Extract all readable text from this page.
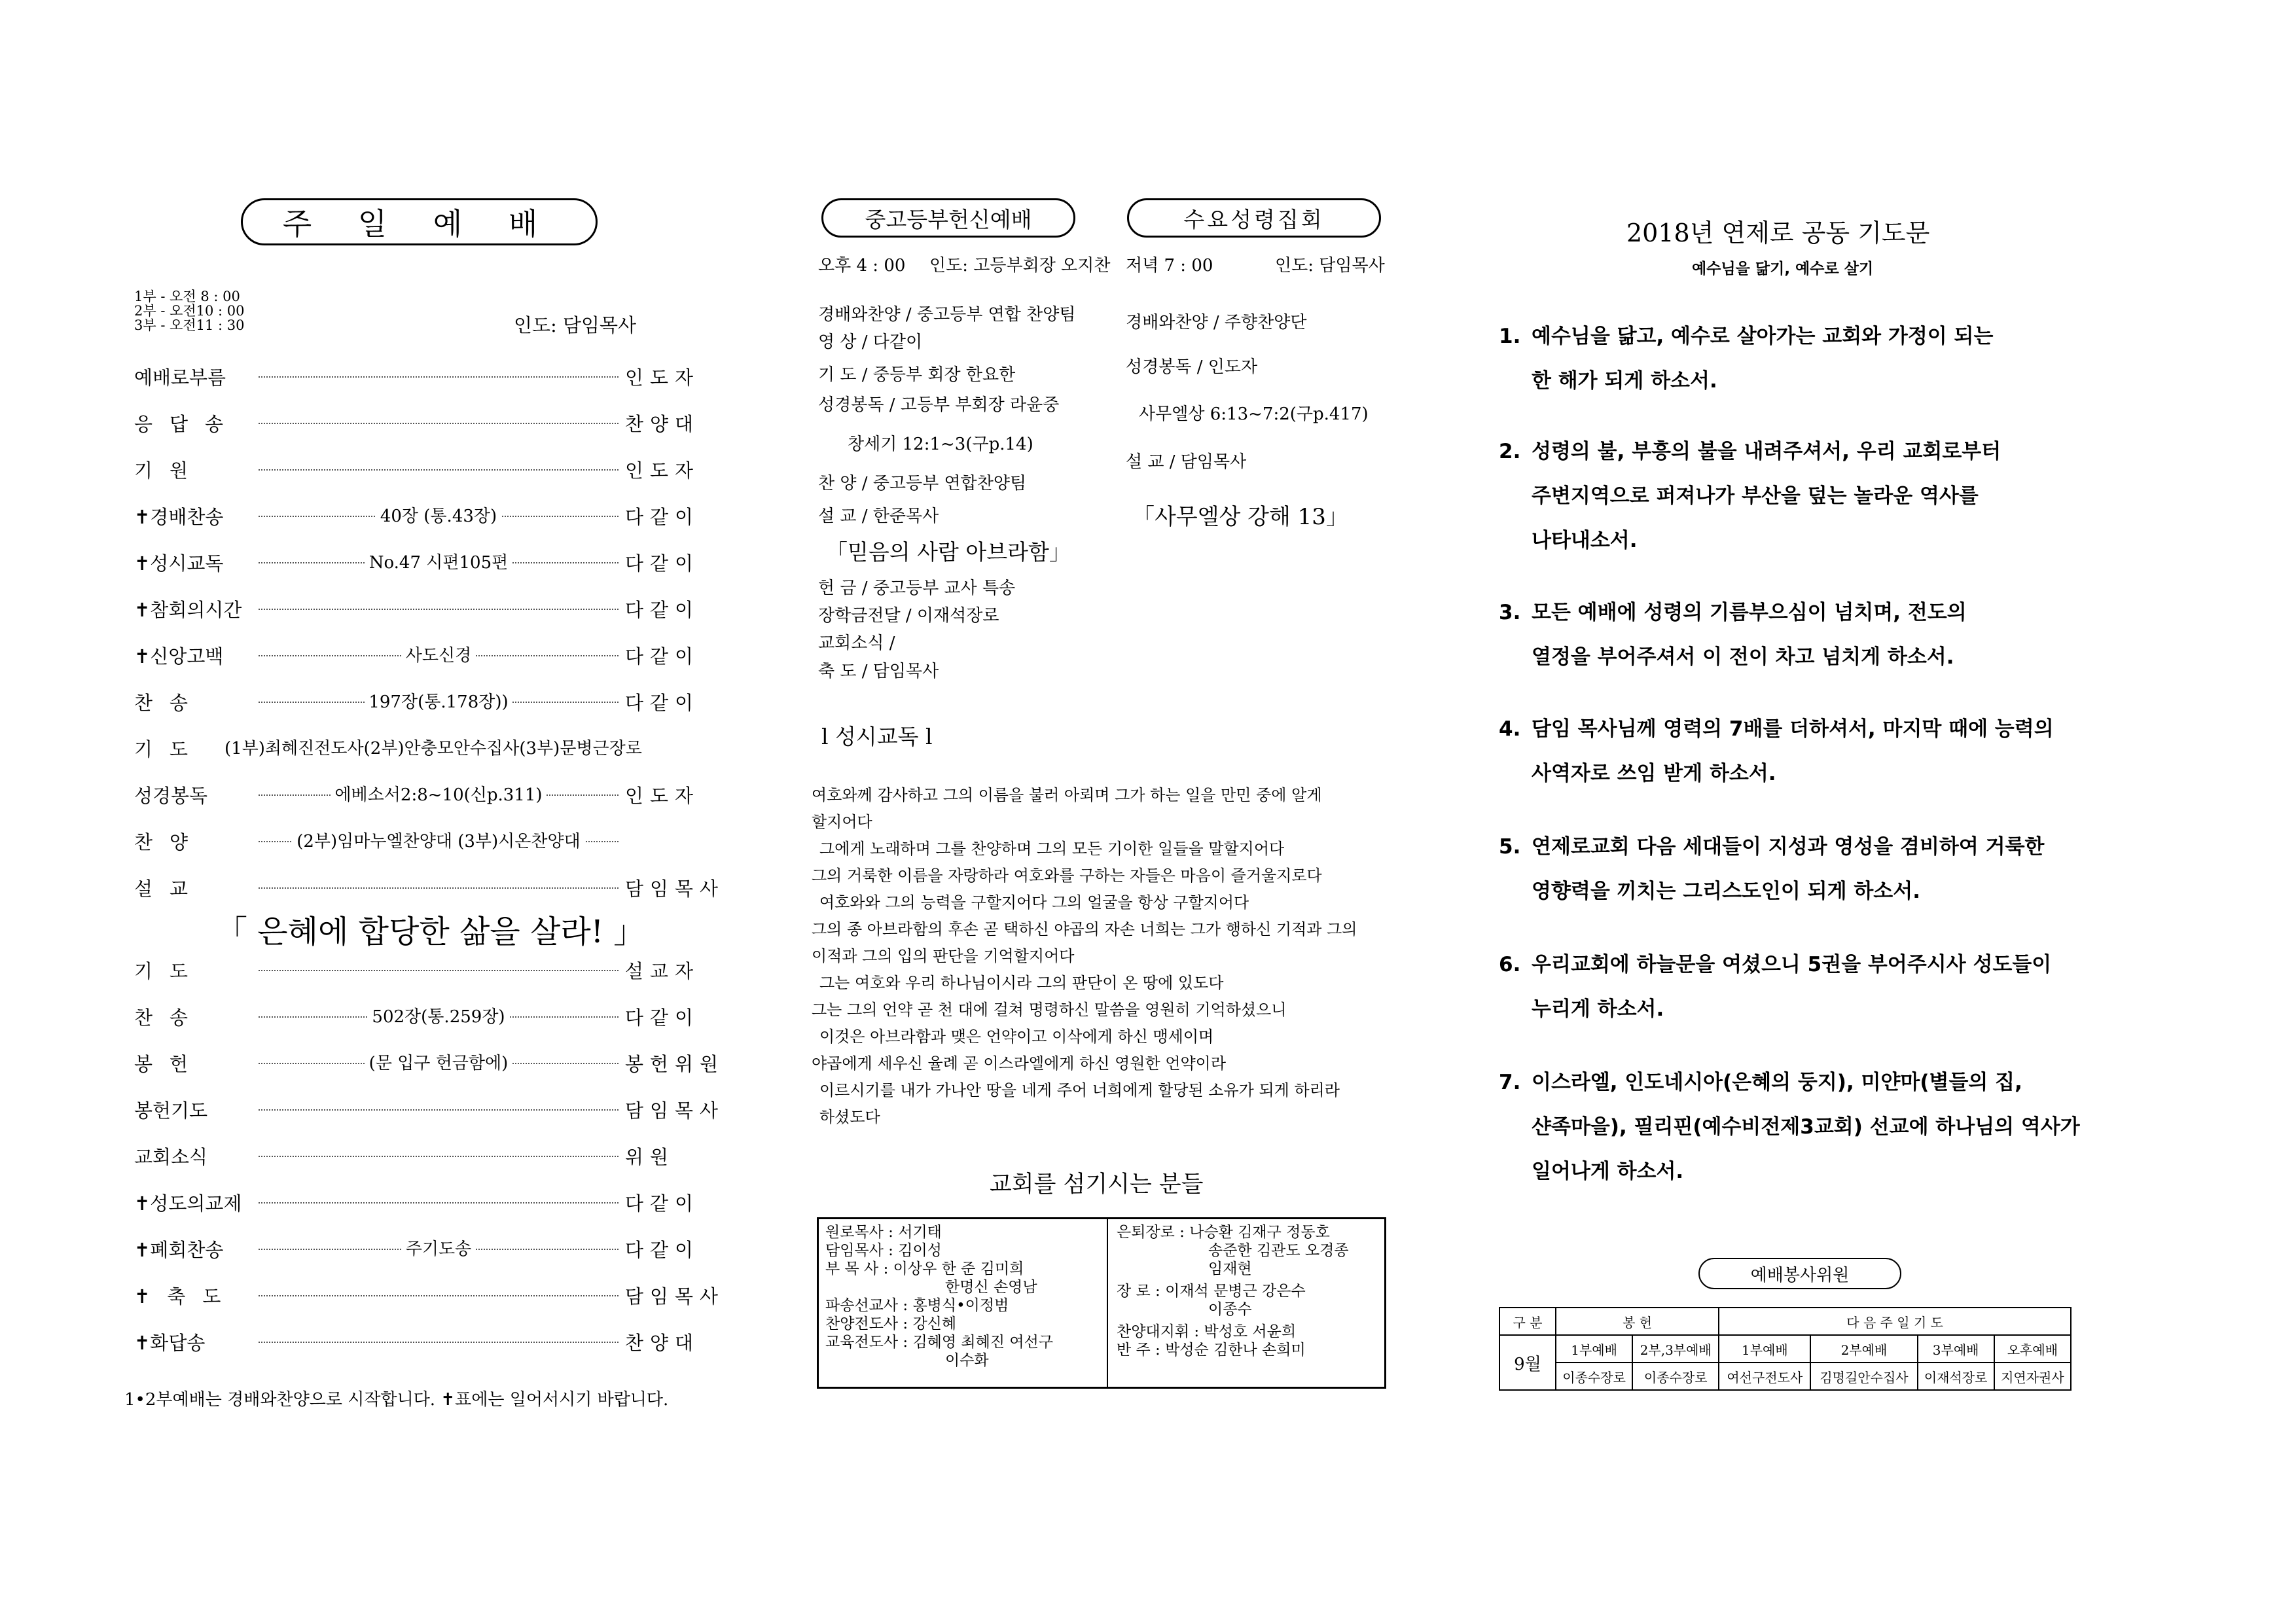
주 일 예 배
1부 - 오전 8 : 00
2부 - 오전10 : 00
3부 - 오전11 : 30	인도: 담임목사
예배로부름	인도자
응답송	찬양대
기원	인도자
✝경배찬송	40장 (통.43장)	다같이
✝성시교독	No.47 시편105편	다같이
✝참회의시간	다같이
✝신앙고백	사도신경	다같이
찬송	197장(통.178장))	다같이
기도	(1부)최혜진전도사(2부)안충모안수집사(3부)문병근장로
성경봉독	에베소서2:8~10(신p.311)	인도자
찬양	(2부)임마누엘찬양대 (3부)시온찬양대
설교	담임목사
「 은혜에 합당한 삶을 살라! 」
기도	설교자
찬송	502장(통.259장)	다같이
봉헌	(문 입구 헌금함에)	봉헌위원
봉헌기도	담임목사
교회소식	위원
✝성도의교제	다같이
✝폐회찬송	주기도송	다같이
✝축도	담임목사
✝화답송	찬양대
1•2부예배는 경배와찬양으로 시작합니다. ✝표에는 일어서시기 바랍니다.
중고등부헌신예배	수요성령집회
오후 4 : 00 인도: 고등부회장 오지찬
경배와찬양 / 중고등부 연합 찬양팀
영 상 / 다같이
기 도 / 중등부 회장 한요한
성경봉독 / 고등부 부회장 라윤중
창세기 12:1~3(구p.14)
찬 양 / 중고등부 연합찬양팀
설 교 / 한준목사
「믿음의 사람 아브라함」
헌 금 / 중고등부 교사 특송
장학금전달 / 이재석장로
교회소식 /
축 도 / 담임목사
저녁 7 : 00	인도: 담임목사
경배와찬양 / 주향찬양단
성경봉독 / 인도자
사무엘상 6:13~7:2(구p.417)
설 교 / 담임목사
「사무엘상 강해 13」
l 성시교독 l
여호와께 감사하고 그의 이름을 불러 아뢰며 그가 하는 일을 만민 중에 알게
할지어다
그에게 노래하며 그를 찬양하며 그의 모든 기이한 일들을 말할지어다
그의 거룩한 이름을 자랑하라 여호와를 구하는 자들은 마음이 즐거울지로다
여호와와 그의 능력을 구할지어다 그의 얼굴을 항상 구할지어다
그의 종 아브라함의 후손 곧 택하신 야곱의 자손 너희는 그가 행하신 기적과 그의
이적과 그의 입의 판단을 기억할지어다
그는 여호와 우리 하나님이시라 그의 판단이 온 땅에 있도다
그는 그의 언약 곧 천 대에 걸쳐 명령하신 말씀을 영원히 기억하셨으니
이것은 아브라함과 맺은 언약이고 이삭에게 하신 맹세이며
야곱에게 세우신 율례 곧 이스라엘에게 하신 영원한 언약이라
이르시기를 내가 가나안 땅을 네게 주어 너희에게 할당된 소유가 되게 하리라
하셨도다
교회를 섬기시는 분들
원로목사 : 서기태
담임목사 : 김이성
부 목 사 : 이상우 한 준 김미희
한명신 손영남
파송선교사 : 홍병식•이정범
찬양전도사 : 강신혜
교육전도사 : 김혜영 최혜진 여선구
이수화
은퇴장로 : 나승환 김재구 정동호
송준한 김관도 오경종
임재현
장 로 : 이재석 문병근 강은수
이종수
찬양대지휘 : 박성호 서윤희
반 주 : 박성순 김한나 손희미
2018년 연제로 공동 기도문
예수님을 닮기, 예수로 살기
1. 예수님을 닮고, 예수로 살아가는 교회와 가정이 되는
한 해가 되게 하소서.
2. 성령의 불, 부흥의 불을 내려주셔서, 우리 교회로부터
주변지역으로 퍼져나가 부산을 덮는 놀라운 역사를
나타내소서.
3. 모든 예배에 성령의 기름부으심이 넘치며, 전도의
열정을 부어주셔서 이 전이 차고 넘치게 하소서.
4. 담임 목사님께 영력의 7배를 더하셔서, 마지막 때에 능력의
사역자로 쓰임 받게 하소서.
5. 연제로교회 다음 세대들이 지성과 영성을 겸비하여 거룩한
영향력을 끼치는 그리스도인이 되게 하소서.
6. 우리교회에 하늘문을 여셨으니 5권을 부어주시사 성도들이
누리게 하소서.
7. 이스라엘, 인도네시아(은혜의 둥지), 미얀마(별들의 집,
샨족마을), 필리핀(예수비전제3교회) 선교에 하나님의 역사가
일어나게 하소서.
예배봉사위원
구 분	봉 헌		다 음 주 일 기 도			
9월	1부예배	2부,3부예배	1부예배	2부예배	3부예배	오후예배
	이종수장로	이종수장로	여선구전도사	김명길안수집사	이재석장로	지연자권사
